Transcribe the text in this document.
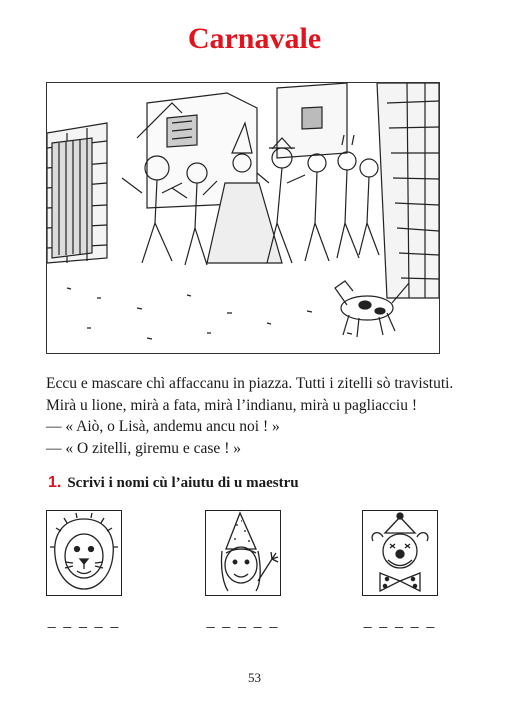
Carnavale
Eccu e mascare chì affaccanu in piazza. Tutti i zitelli sò travistuti.
Mirà u lione, mirà a fata, mirà l’indianu, mirà u pagliacciu !
— « Aiò, o Lisà, andemu ancu noi ! »
— « O zitelli, giremu e case ! »
1. Scrivi i nomi cù l’aiutu di u maestru
_ _ _ _ _	_ _ _ _ _	_ _ _ _ _
53
